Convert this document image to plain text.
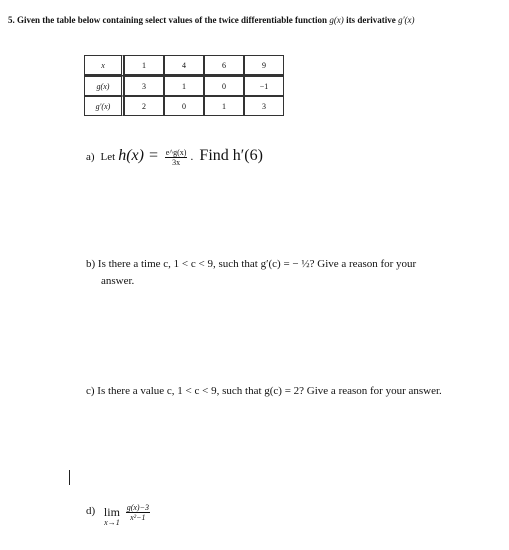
5. Given the table below containing select values of the twice differentiable function g(x) its derivative g′(x)
x	1	4	6	9
g(x)	3	1	0	−1
g′(x)	2	0	1	3
a) Let $h(x) = \frac{e\^{}g(x)}{3x}$ . Find h′(6)
b) Is there a time c, 1 < c < 9, such that g′(c) = − ½? Give a reason for your
answer.
c) Is there a value c, 1 < c < 9, such that g(c) = 2? Give a reason for your answer.
d) lim
x→1

$\frac{g(x)-3}{\text{x²−1}}$
